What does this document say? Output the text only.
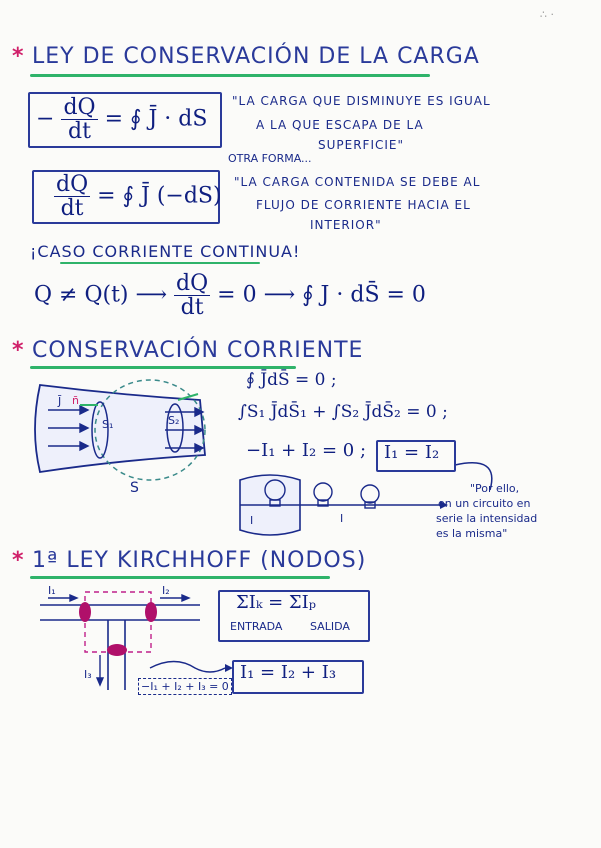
∴ ·
* LEY DE CONSERVACIÓN DE LA CARGA
− $\frac{dQ}{dt}$ = ∮ J̄ · dS
"LA CARGA QUE DISMINUYE ES IGUAL
A LA QUE ESCAPA DE LA
SUPERFICIE"
OTRA FORMA...
$\frac{dQ}{dt}$ = ∮ J̄ (−dS)
"LA CARGA CONTENIDA SE DEBE AL
FLUJO DE CORRIENTE HACIA EL
INTERIOR"
¡CASO CORRIENTE CONTINUA!
Q ≠ Q(t) ⟶ $\frac{dQ}{dt} = 0$ ⟶ ∮ J · dS̄ = 0
* CONSERVACIÓN CORRIENTE
J̄ n̄
S₁	S₂
S
I	I
∮ J̄dS̄ = 0 ;
∫S₁ J̄dS̄₁ + ∫S₂ J̄dS̄₂ = 0 ;
−I₁ + I₂ = 0 ; I₁ = I₂
"Por ello,
en un circuito en
serie la intensidad
es la misma"
* 1ª LEY KIRCHHOFF (NODOS)
I₁	I₂
I₃
ΣIₖ = ΣIₚ
ENTRADA	SALIDA
−I₁ + I₂ + I₃ = 0
I₁ = I₂ + I₃
